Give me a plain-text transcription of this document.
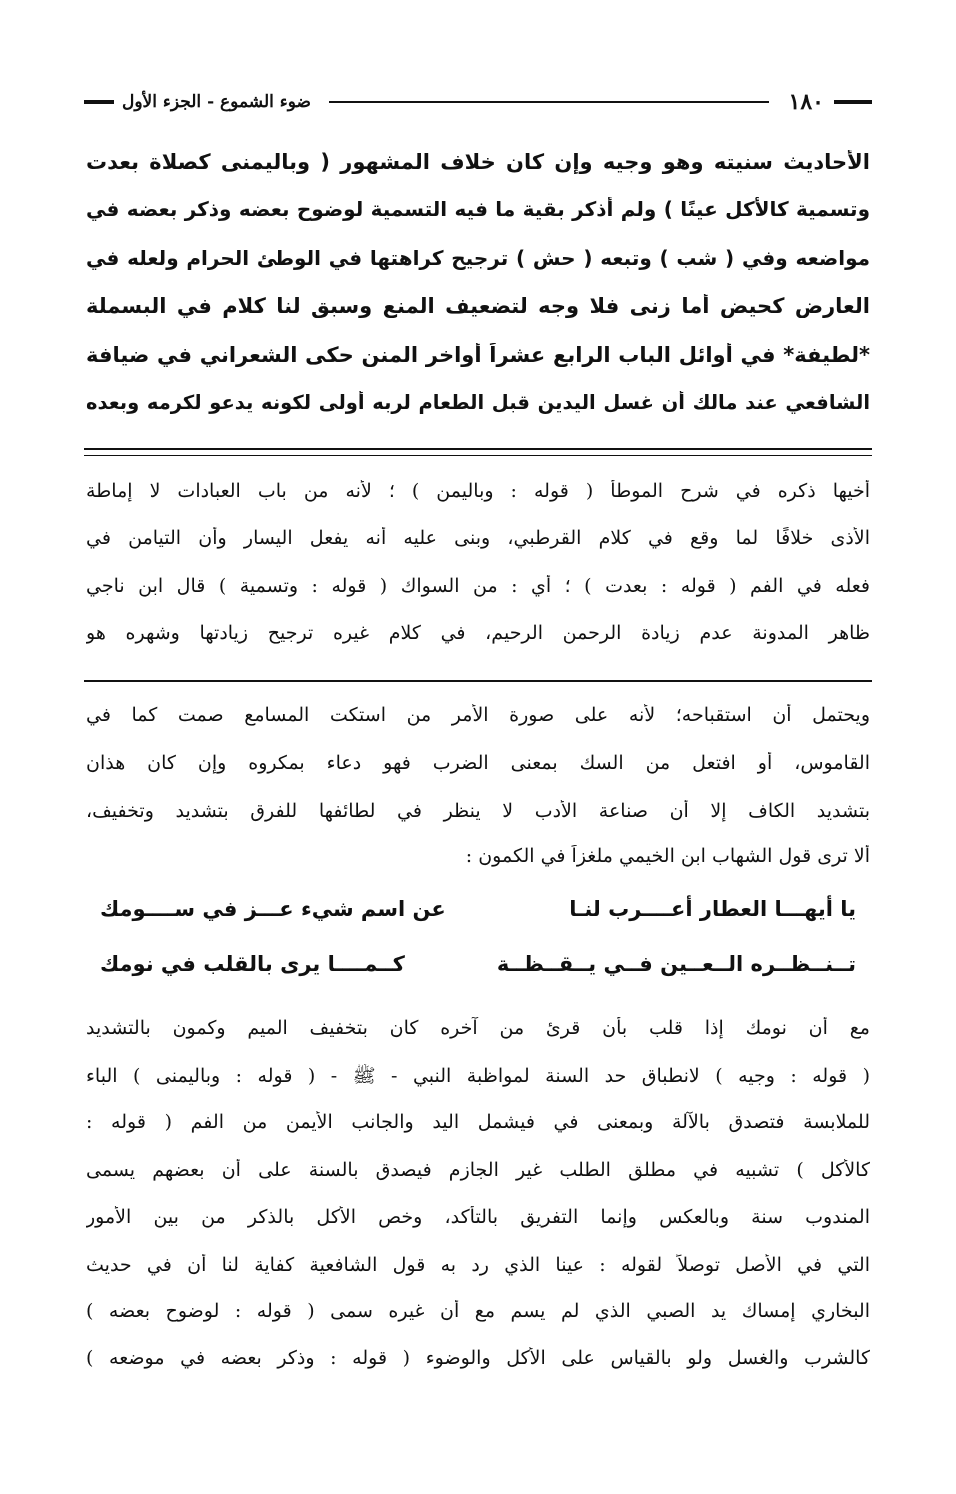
١٨٠
ضوء الشموع - الجزء الأول
الأحاديث سنيته وهو وجيه وإن كان خلاف المشهور ( وباليمنى كصلاة بعدت
وتسمية كالأكل عينًا ) ولم أذكر بقية ما فيه التسمية لوضوح بعضه وذكر بعضه في
مواضعه وفي ( شب ) وتبعه ( حش ) ترجيح كراهتها في الوطئ الحرام ولعله في
العارض كحيض أما زنى فلا وجه لتضعيف المنع وسبق لنا كلام في البسملة
*لطيفة* في أوائل الباب الرابع عشراً أواخر المنن حكى الشعراني في ضيافة
الشافعي عند مالك أن غسل اليدين قبل الطعام لربه أولى لكونه يدعو لكرمه وبعده
أخيها ذكره في شرح الموطأ ( قوله : وباليمن ) ؛ لأنه من باب العبادات لا إماطة
الأذى خلافًا لما وقع في كلام القرطبي، وبنى عليه أنه يفعل اليسار وأن التيامن في
فعله في الفم ( قوله : بعدت ) ؛ أي : من السواك ( قوله : وتسمية ) قال ابن ناجي
ظاهر المدونة عدم زيادة الرحمن الرحيم، في كلام غيره ترجيح زيادتها وشهره هو
ويحتمل أن استقباحه؛ لأنه على صورة الأمر من استكت المسامع صمت كما في
القاموس، أو افتعل من السك بمعنى الضرب فهو دعاء بمكروه وإن كان هذان
بتشديد الكاف إلا أن صناعة الأدب لا ينظر في لطائفها للفرق بتشديد وتخفيف،
ألا ترى قول الشهاب ابن الخيمي ملغزاً في الكمون :
يا أيهـــا العطار أعــــرب لنـا
عن اسم شيء عـــز في ســــومك
تــنــظــره الــعــين فــي يــقــظــة
كــمــــا يرى بالقلب في نومك
مع أن نومك إذا قلب بأن قرئ من آخره كان بتخفيف الميم وكمون بالتشديد
( قوله : وجيه ) لانطباق حد السنة لمواظبة النبي - ﷺ - ( قوله : وباليمنى ) الباء
للملابسة فتصدق بالآلة وبمعنى في فيشمل اليد والجانب الأيمن من الفم ( قوله :
كالأكل ) تشبيه في مطلق الطلب غير الجازم فيصدق بالسنة على أن بعضهم يسمى
المندوب سنة وبالعكس وإنما التفريق بالتأكد، وخص الأكل بالذكر من بين الأمور
التي في الأصل توصلاً لقوله : عينا الذي رد به قول الشافعية كفاية لنا أن في حديث
البخاري إمساك يد الصبي الذي لم يسم مع أن غيره سمى ( قوله : لوضوح بعضه )
كالشرب والغسل ولو بالقياس على الأكل والوضوء ( قوله : وذكر بعضه في موضعه )
